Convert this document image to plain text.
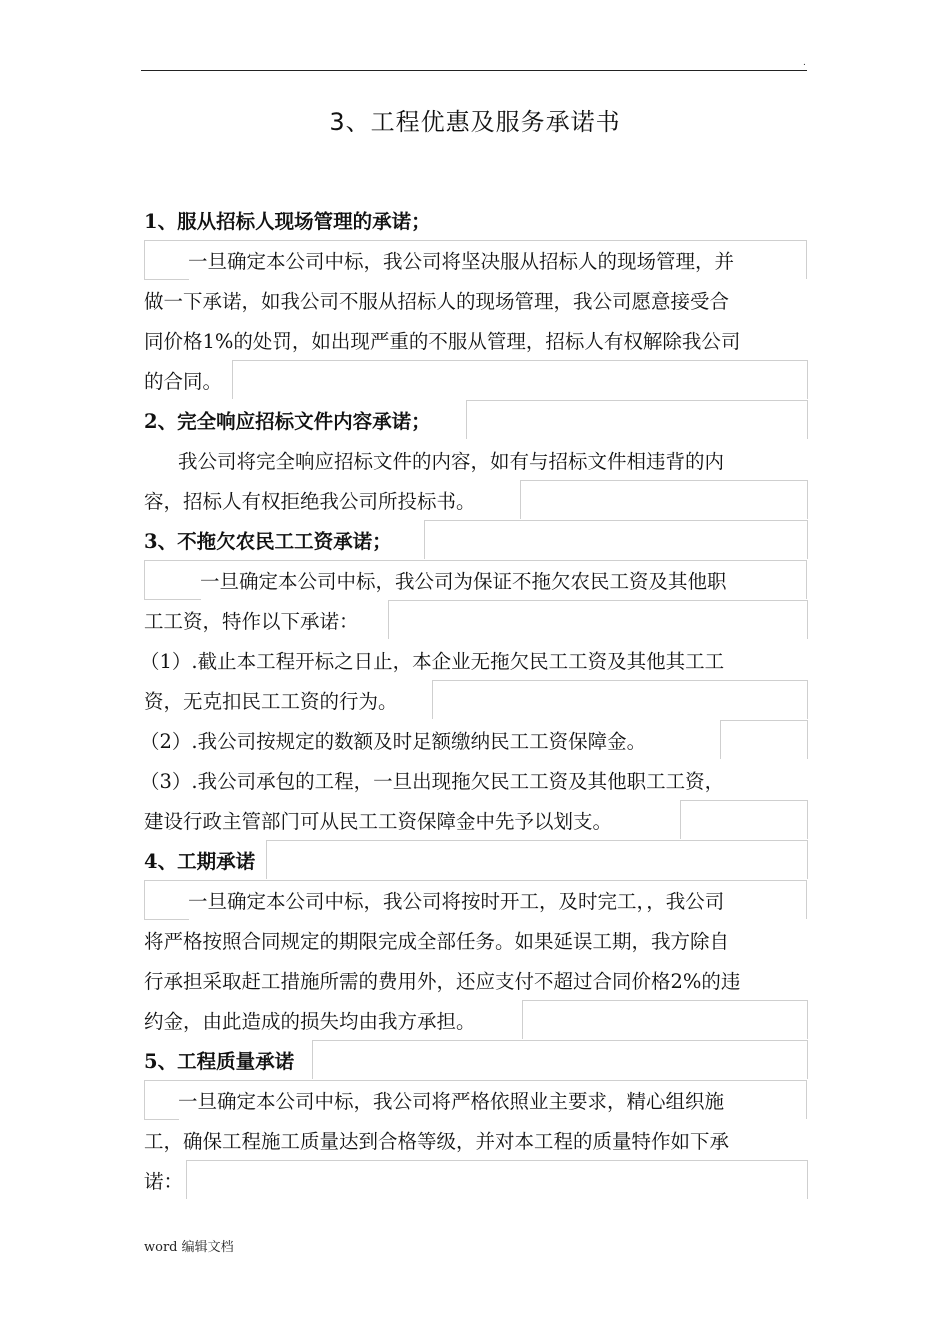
.
3、工程优惠及服务承诺书
1、服从招标人现场管理的承诺；
一旦确定本公司中标，我公司将坚决服从招标人的现场管理，并
做一下承诺，如我公司不服从招标人的现场管理，我公司愿意接受合
同价格1%的处罚，如出现严重的不服从管理，招标人有权解除我公司
的合同。
2、完全响应招标文件内容承诺；
我公司将完全响应招标文件的内容，如有与招标文件相违背的内
容，招标人有权拒绝我公司所投标书。
3、不拖欠农民工工资承诺；
一旦确定本公司中标，我公司为保证不拖欠农民工资及其他职
工工资，特作以下承诺：
（1）.截止本工程开标之日止，本企业无拖欠民工工资及其他其工工
资，无克扣民工工资的行为。
（2）.我公司按规定的数额及时足额缴纳民工工资保障金。
（3）.我公司承包的工程，一旦出现拖欠民工工资及其他职工工资，
建设行政主管部门可从民工工资保障金中先予以划支。
4、工期承诺
一旦确定本公司中标，我公司将按时开工，及时完工，，我公司
将严格按照合同规定的期限完成全部任务。如果延误工期，我方除自
行承担采取赶工措施所需的费用外，还应支付不超过合同价格2%的违
约金，由此造成的损失均由我方承担。
5、工程质量承诺
一旦确定本公司中标，我公司将严格依照业主要求，精心组织施
工，确保工程施工质量达到合格等级，并对本工程的质量特作如下承
诺：
word 编辑文档
